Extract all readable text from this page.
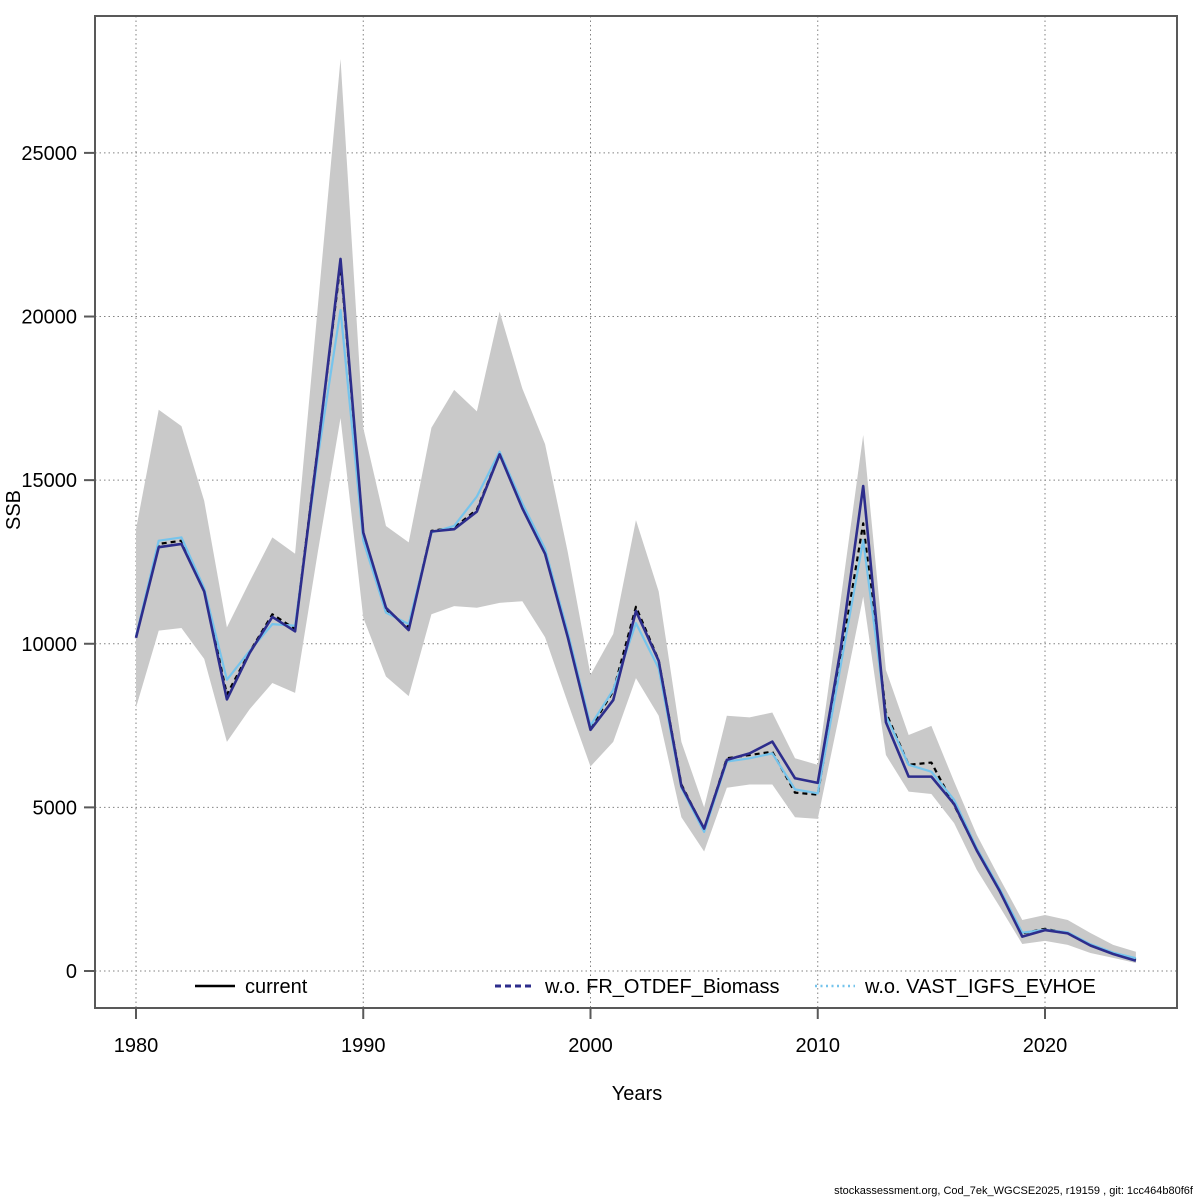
1980	1990	2000	2010	2020
0
5000
10000
15000
20000
25000
current	w.o. FR_OTDEF_Biomass	w.o. VAST_IGFS_EVHOE
Years
SSB
stockassessment.org, Cod_7ek_WGCSE2025, r19159 , git: 1cc464b80f6f
